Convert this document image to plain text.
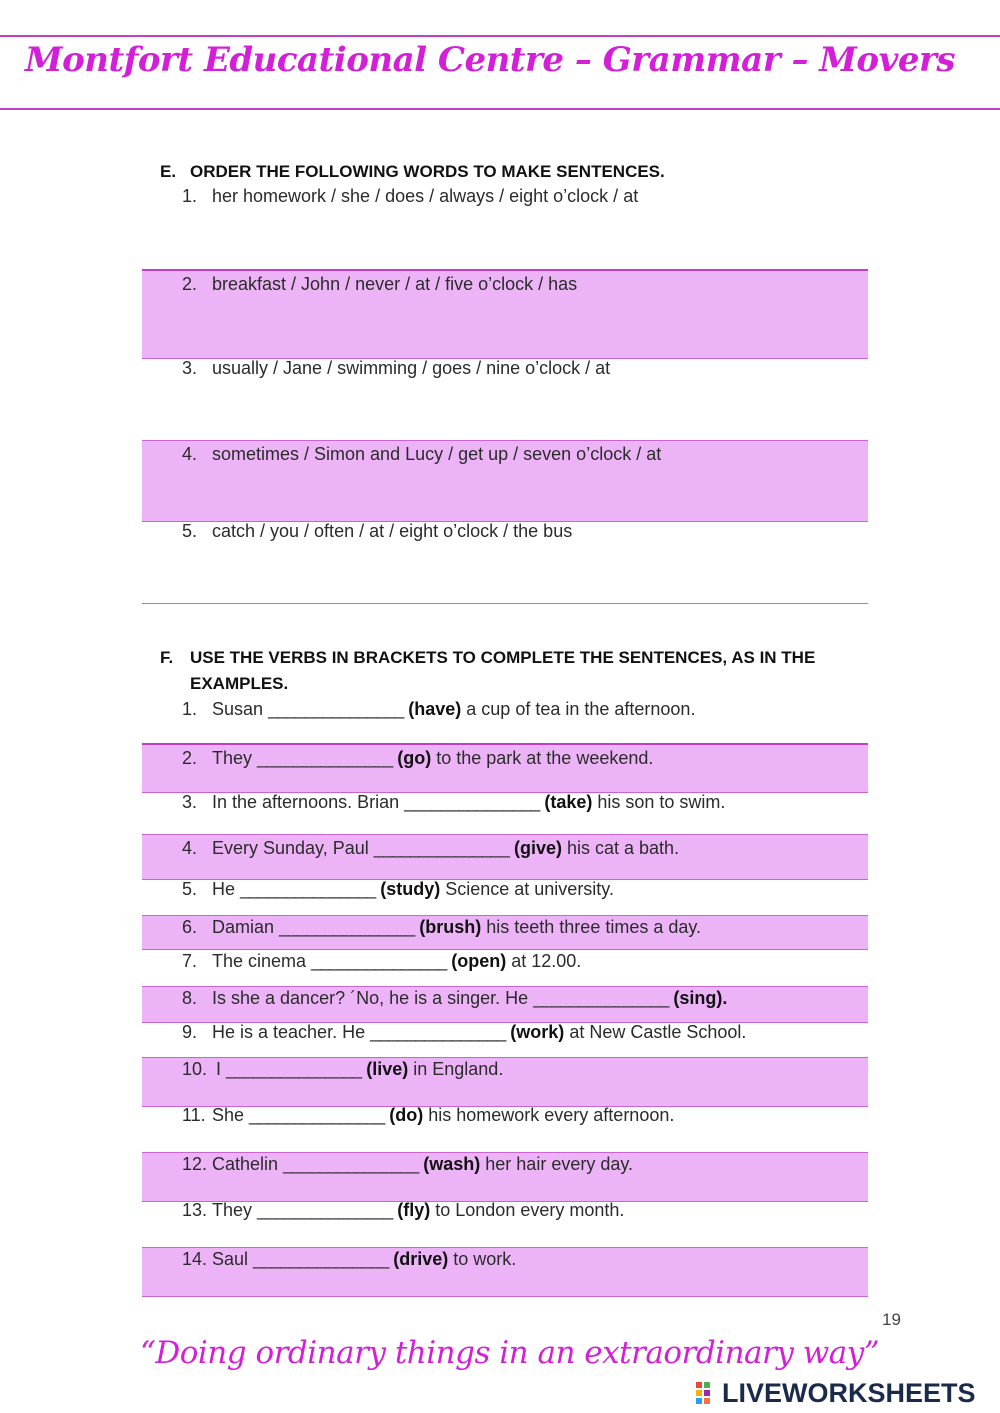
Montfort Educational Centre – Grammar – Movers
E. ORDER THE FOLLOWING WORDS TO MAKE SENTENCES.
1. her homework / she / does / always / eight o’clock / at
2. breakfast / John / never / at / five o’clock / has
3. usually / Jane / swimming / goes / nine o’clock / at
4. sometimes / Simon and Lucy / get up / seven o’clock / at
5. catch / you / often / at / eight o’clock / the bus
F. USE THE VERBS IN BRACKETS TO COMPLETE THE SENTENCES, AS IN THE EXAMPLES.
1. Susan _______________ (have) a cup of tea in the afternoon.
2. They _______________ (go) to the park at the weekend.
3. In the afternoons. Brian _______________ (take) his son to swim.
4. Every Sunday, Paul _______________ (give) his cat a bath.
5. He _______________ (study) Science at university.
6. Damian _______________ (brush) his teeth three times a day.
7. The cinema _______________ (open) at 12.00.
8. Is she a dancer? ´No, he is a singer. He _______________ (sing).
9. He is a teacher. He _______________ (work) at New Castle School.
10. I _______________ (live) in England.
11. She _______________ (do) his homework every afternoon.
12. Cathelin _______________ (wash) her hair every day.
13. They _______________ (fly) to London every month.
14. Saul _______________ (drive) to work.
19
“Doing ordinary things in an extraordinary way”
LIVEWORKSHEETS
